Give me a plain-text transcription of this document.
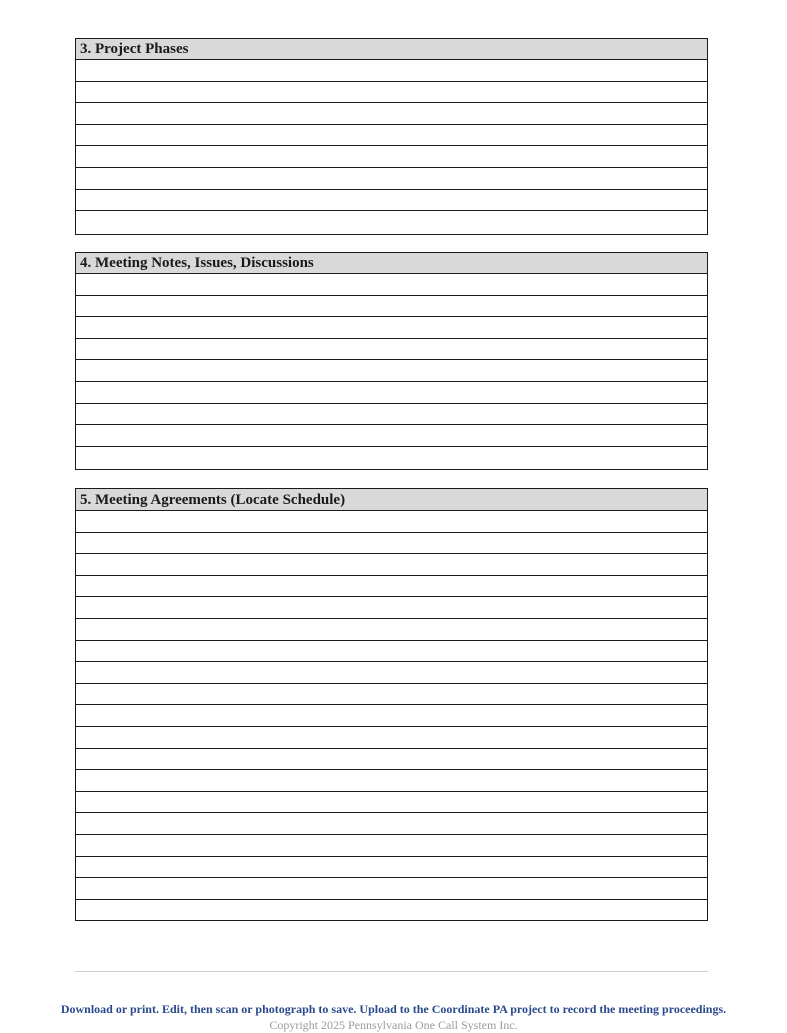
3. Project Phases
4. Meeting Notes, Issues, Discussions
5. Meeting Agreements (Locate Schedule)
Download or print. Edit, then scan or photograph to save. Upload to the Coordinate PA project to record the meeting proceedings.
Copyright 2025 Pennsylvania One Call System Inc.
